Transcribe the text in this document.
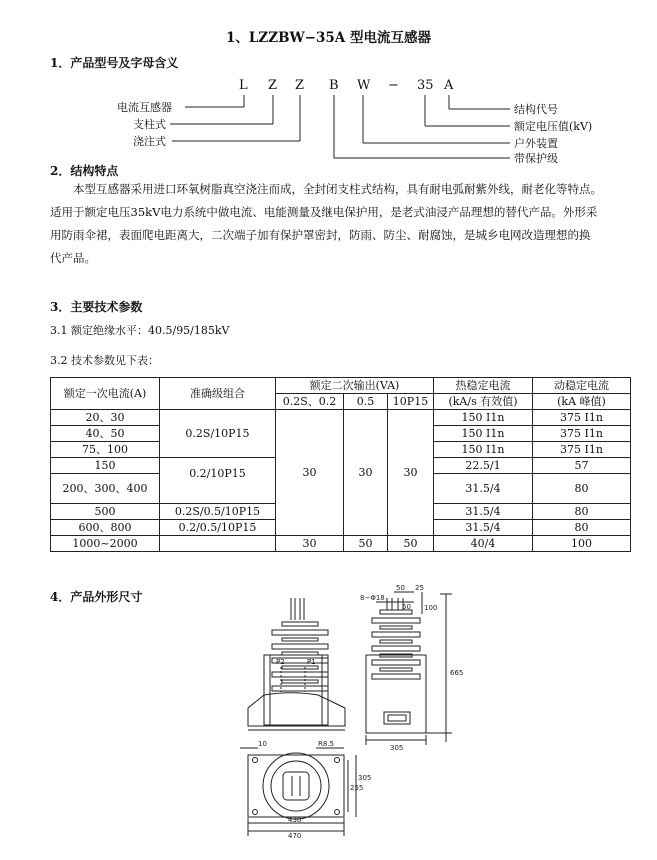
1、LZZBW−35A 型电流互感器
1．产品型号及字母含义
L Z Z B W − 35 A
电流互感器
支柱式
浇注式
结构代号
额定电压值(kV)
户外装置
带保护级
2．结构特点
本型互感器采用进口环氧树脂真空浇注而成，全封闭支柱式结构，具有耐电弧耐紫外线，耐老化等特点。
适用于额定电压35kV电力系统中做电流、电能测量及继电保护用，是老式油浸产品理想的替代产品。外形采
用防雨伞裙，表面爬电距离大，二次端子加有保护罩密封，防雨、防尘、耐腐蚀，是城乡电网改造理想的换
代产品。
3．主要技术参数
3.1 额定绝缘水平：40.5/95/185kV
3.2 技术参数见下表：
额定一次电流(A)	准确级组合	额定二次输出(VA)			热稳定电流	动稳定电流
		0.2S、0.2	0.5	10P15	(kA/s 有效值)	(kA 峰值)
20、30	0.2S/10P15	30	30	30	150 I1n	375 I1n
40、50					150 I1n	375 I1n
75、100					150 I1n	375 I1n
150	0.2/10P15				22.5/1	57
200、300、400					31.5/4	80
500	0.2S/0.5/10P15				31.5/4	80
600、800	0.2/0.5/10P15				31.5/4	80
1000~2000		30	50	50	40/4	100
4．产品外形尺寸
P2	P1
8−Φ18
50 25
50 100
665
305
10	R8.5
255
305
430
470
